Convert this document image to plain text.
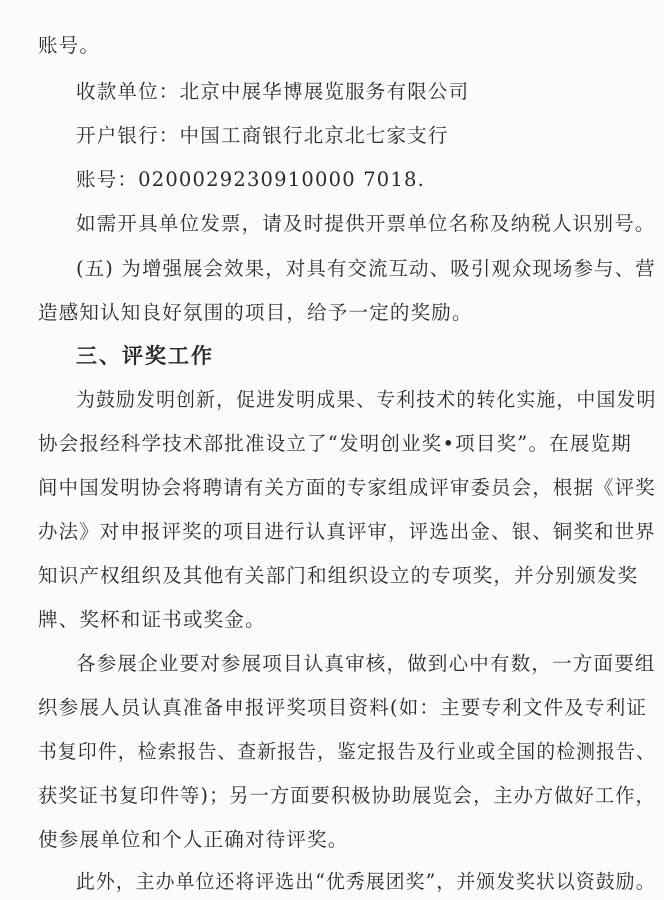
账号。
收款单位：北京中展华博展览服务有限公司
开户银行：中国工商银行北京北七家支行
账号：0200029230910000 7018.
如需开具单位发票，请及时提供开票单位名称及纳税人识别号。
(五) 为增强展会效果，对具有交流互动、吸引观众现场参与、营
造感知认知良好氛围的项目，给予一定的奖励。
三、评奖工作
为鼓励发明创新，促进发明成果、专利技术的转化实施，中国发明
协会报经科学技术部批准设立了“发明创业奖•项目奖”。在展览期
间中国发明协会将聘请有关方面的专家组成评审委员会，根据《评奖
办法》对申报评奖的项目进行认真评审，评选出金、银、铜奖和世界
知识产权组织及其他有关部门和组织设立的专项奖，并分别颁发奖
牌、奖杯和证书或奖金。
各参展企业要对参展项目认真审核，做到心中有数，一方面要组
织参展人员认真准备申报评奖项目资料(如：主要专利文件及专利证
书复印件，检索报告、查新报告，鉴定报告及行业或全国的检测报告、
获奖证书复印件等)；另一方面要积极协助展览会，主办方做好工作，
使参展单位和个人正确对待评奖。
此外，主办单位还将评选出“优秀展团奖”，并颁发奖状以资鼓励。
